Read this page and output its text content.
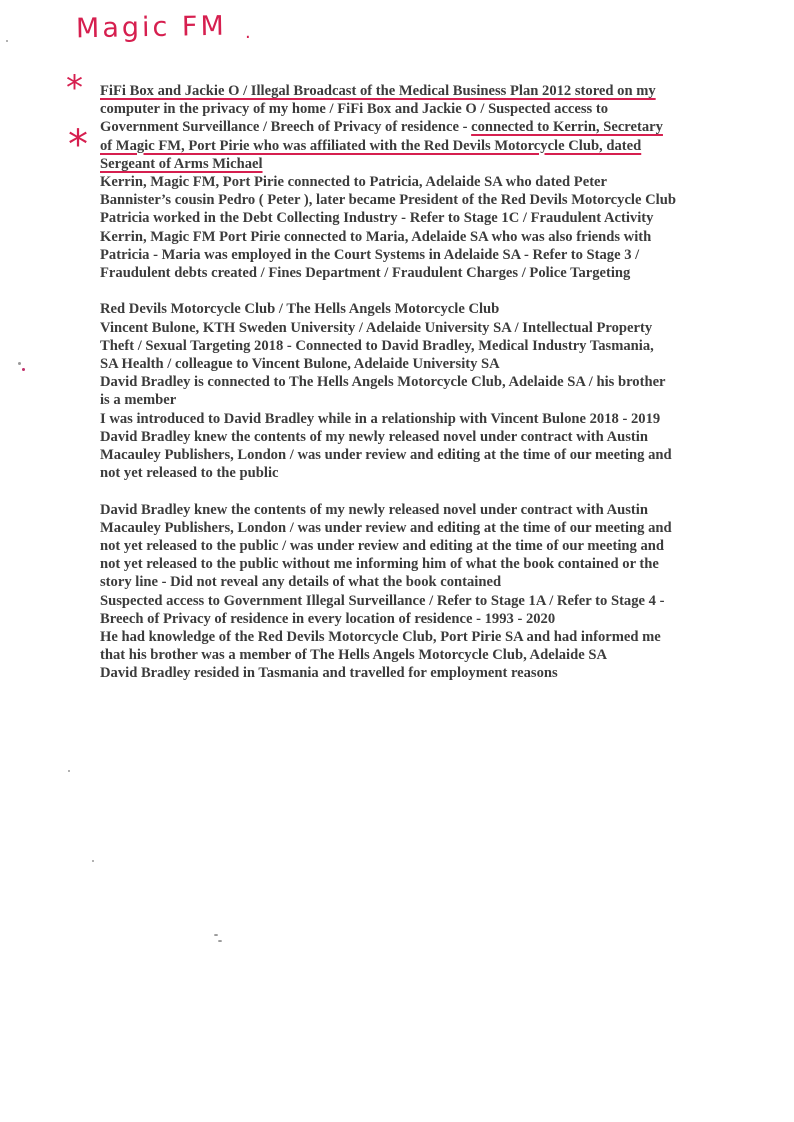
Magic FM .
*
*
FiFi Box and Jackie O / Illegal Broadcast of the Medical Business Plan 2012 stored on my
computer in the privacy of my home / FiFi Box and Jackie O / Suspected access to
Government Surveillance / Breech of Privacy of residence - connected to Kerrin, Secretary
of Magic FM, Port Pirie who was affiliated with the Red Devils Motorcycle Club, dated
Sergeant of Arms Michael
Kerrin, Magic FM, Port Pirie connected to Patricia, Adelaide SA who dated Peter
Bannister’s cousin Pedro ( Peter ), later became President of the Red Devils Motorcycle Club
Patricia worked in the Debt Collecting Industry - Refer to Stage 1C / Fraudulent Activity
Kerrin, Magic FM Port Pirie connected to Maria, Adelaide SA who was also friends with
Patricia - Maria was employed in the Court Systems in Adelaide SA - Refer to Stage 3 /
Fraudulent debts created / Fines Department / Fraudulent Charges / Police Targeting
Red Devils Motorcycle Club / The Hells Angels Motorcycle Club
Vincent Bulone, KTH Sweden University / Adelaide University SA / Intellectual Property
Theft / Sexual Targeting 2018 - Connected to David Bradley, Medical Industry Tasmania,
SA Health / colleague to Vincent Bulone, Adelaide University SA
David Bradley is connected to The Hells Angels Motorcycle Club, Adelaide SA / his brother
is a member
I was introduced to David Bradley while in a relationship with Vincent Bulone 2018 - 2019
David Bradley knew the contents of my newly released novel under contract with Austin
Macauley Publishers, London / was under review and editing at the time of our meeting and
not yet released to the public
David Bradley knew the contents of my newly released novel under contract with Austin
Macauley Publishers, London / was under review and editing at the time of our meeting and
not yet released to the public / was under review and editing at the time of our meeting and
not yet released to the public without me informing him of what the book contained or the
story line - Did not reveal any details of what the book contained
Suspected access to Government Illegal Surveillance / Refer to Stage 1A / Refer to Stage 4 -
Breech of Privacy of residence in every location of residence - 1993 - 2020
He had knowledge of the Red Devils Motorcycle Club, Port Pirie SA and had informed me
that his brother was a member of The Hells Angels Motorcycle Club, Adelaide SA
David Bradley resided in Tasmania and travelled for employment reasons
